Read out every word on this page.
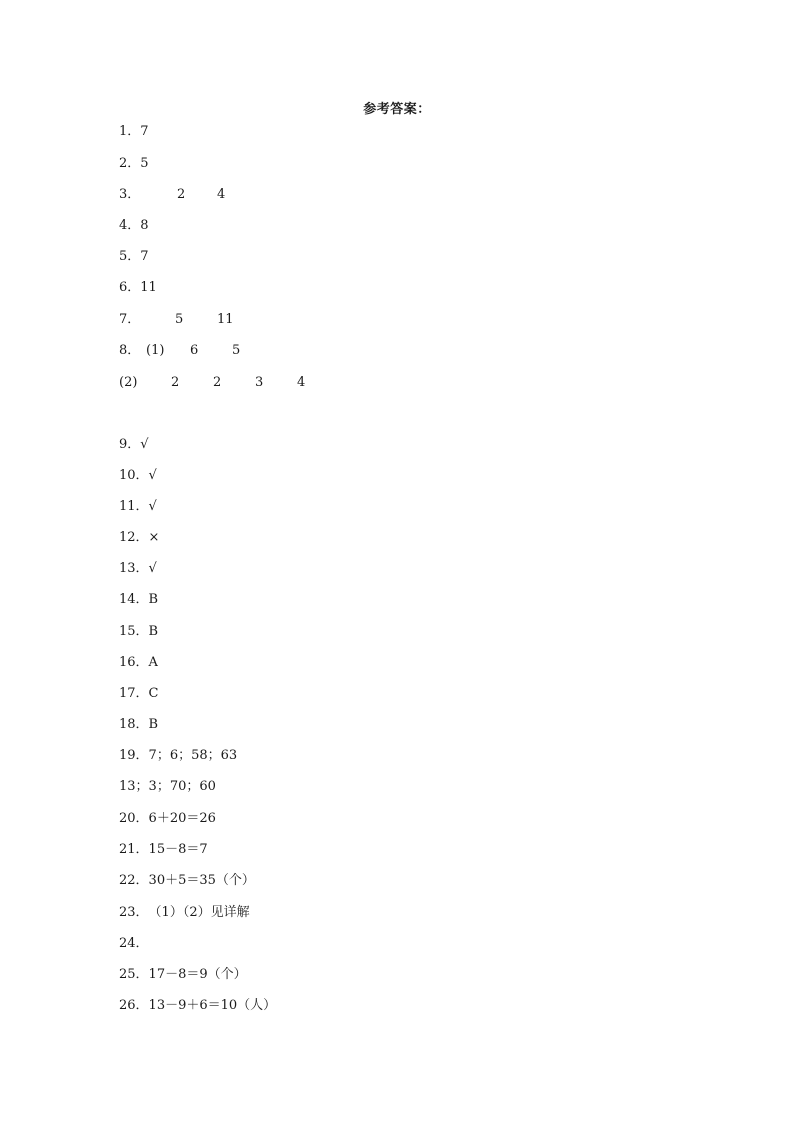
参考答案：
1．7
2．5
3．	2 4
4．8
5．7
6．11
7．	5	11
8． (1) 6	5
(2)	2	2	3	4
9．√
10．√
11．√
12．×
13．√
14．B
15．B
16．A
17．C
18．B
19．7；6；58；63
13；3；70；60
20．6＋20＝26
21．15－8＝7
22．30＋5＝35（个）
23．（1）（2）见详解
24．
25．17－8＝9（个）
26．13－9＋6＝10（人）
